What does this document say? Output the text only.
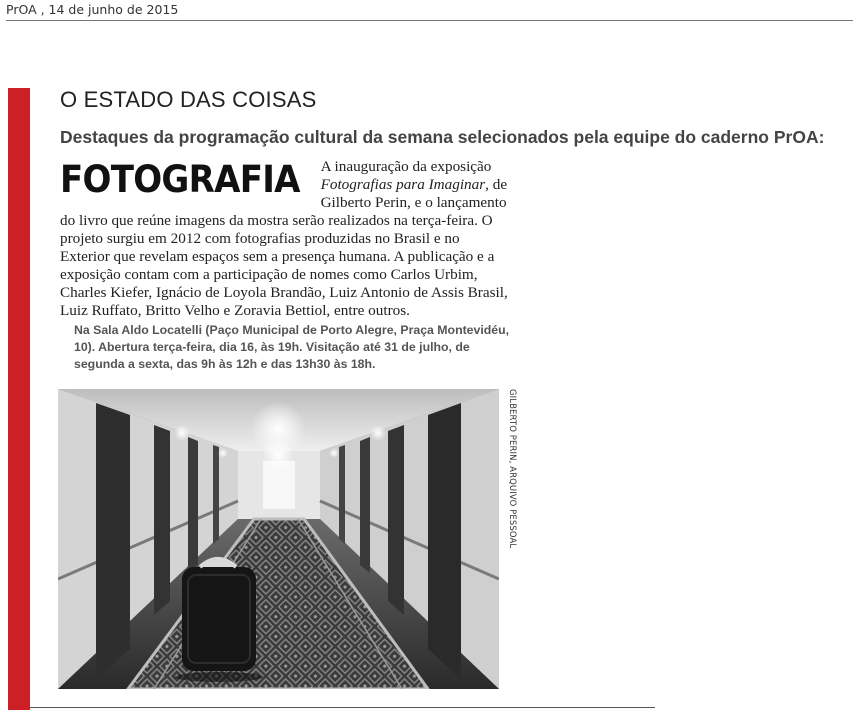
PrOA , 14 de junho de 2015
O ESTADO DAS COISAS
Destaques da programação cultural da semana selecionados pela equipe do caderno PrOA:

FOTOGRAFIA A inauguração da exposição Fotografias para Imaginar, de Gilberto Perin, e o lançamento do livro que reúne imagens da mostra serão realizados na terça-feira. O projeto surgiu em 2012 com fotografias produzidas no Brasil e no Exterior que revelam espaços sem a presença humana. A publicação e a exposição contam com a participação de nomes como Carlos Urbim, Charles Kiefer, Ignácio de Loyola Brandão, Luiz Antonio de Assis Brasil, Luiz Ruffato, Britto Velho e Zoravia Bettiol, entre outros.

Na Sala Aldo Locatelli (Paço Municipal de Porto Alegre, Praça Montevidéu, 10). Abertura terça-feira, dia 16, às 19h. Visitação até 31 de julho, de segunda a sexta, das 9h às 12h e das 13h30 às 18h.

GILBERTO PERIN, ARQUIVO PESSOAL
